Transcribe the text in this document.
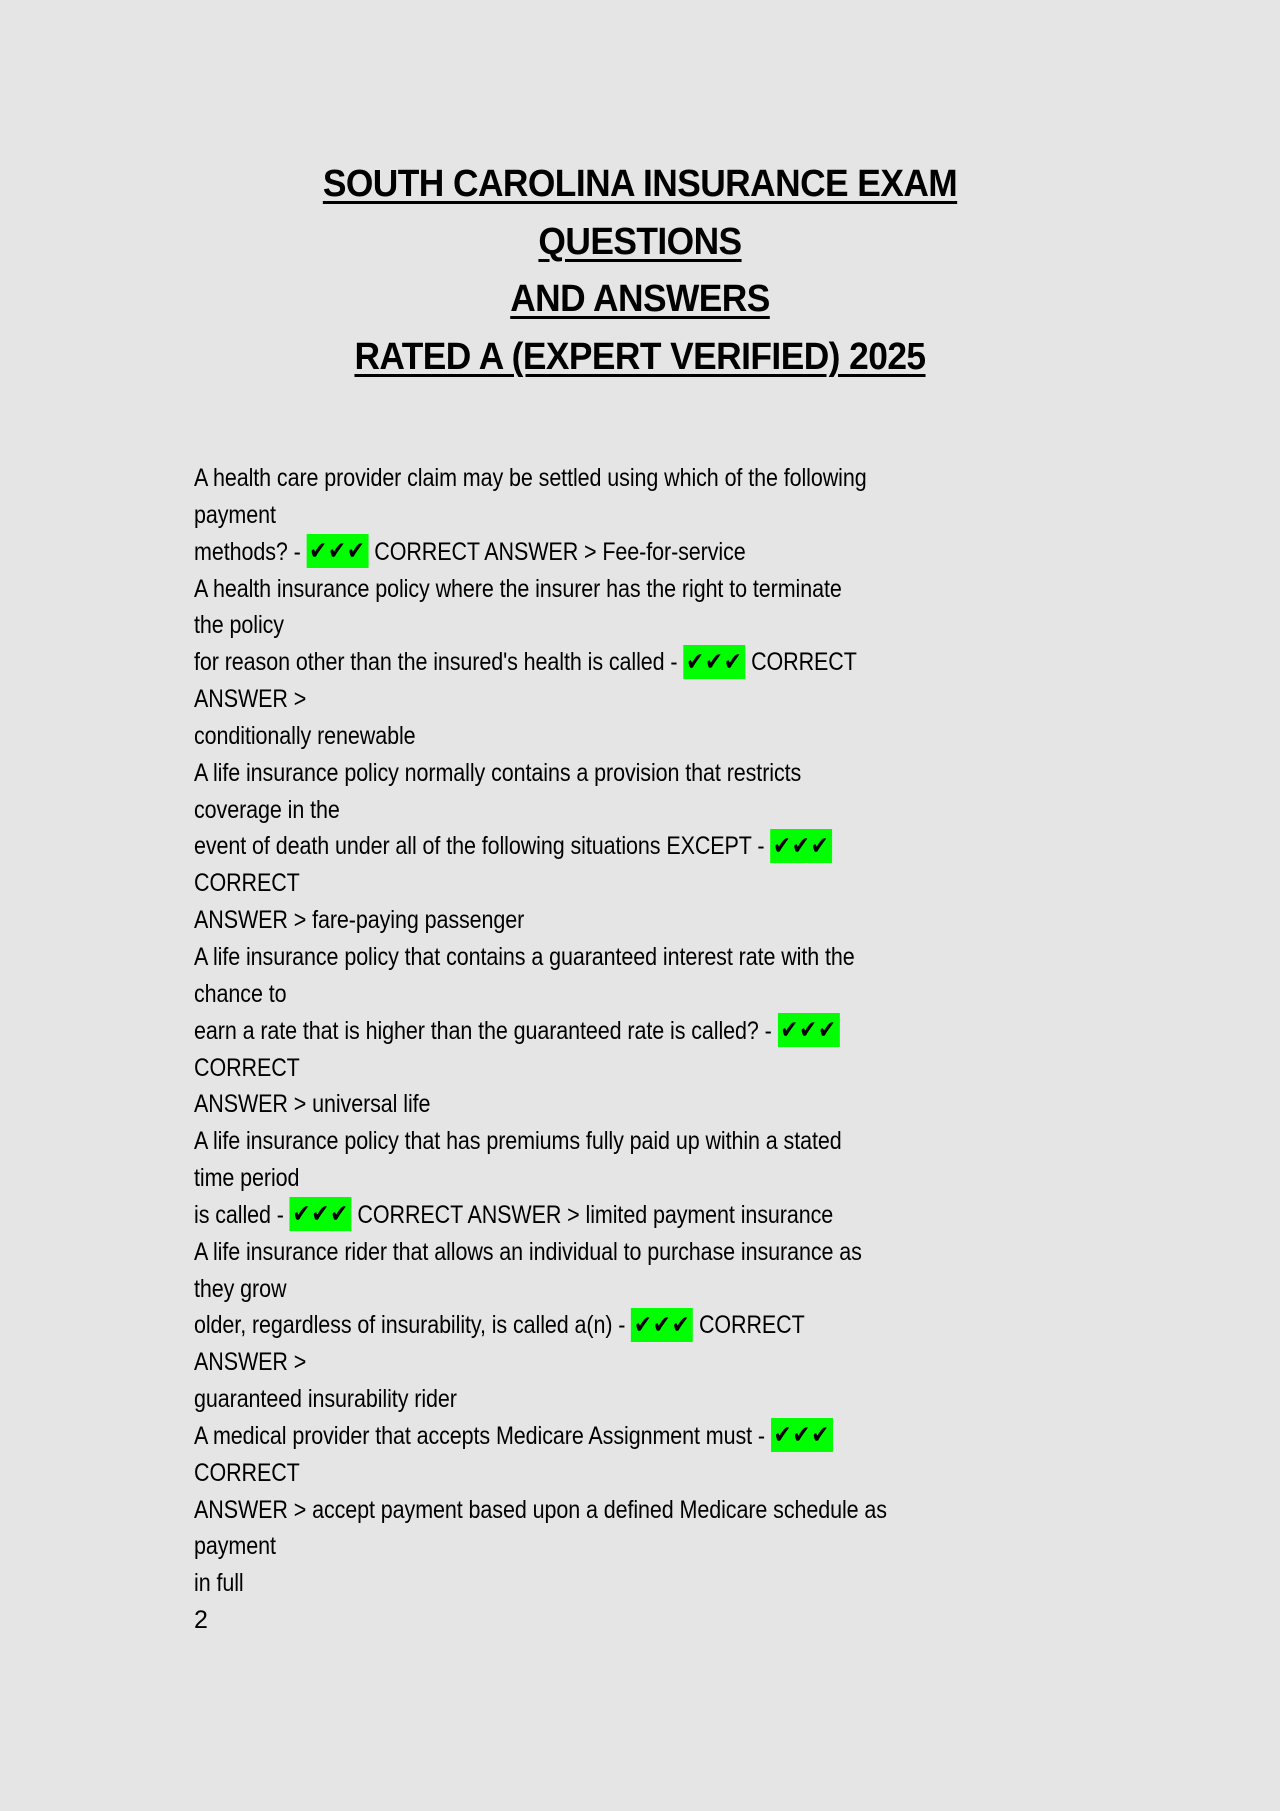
SOUTH CAROLINA INSURANCE EXAM
QUESTIONS
AND ANSWERS
RATED A (EXPERT VERIFIED) 2025
A health care provider claim may be settled using which of the following
payment
methods? - ✔✔✔ CORRECT ANSWER > Fee-for-service
A health insurance policy where the insurer has the right to terminate
the policy
for reason other than the insured's health is called - ✔✔✔ CORRECT
ANSWER >
conditionally renewable
A life insurance policy normally contains a provision that restricts
coverage in the
event of death under all of the following situations EXCEPT - ✔✔✔
CORRECT
ANSWER > fare-paying passenger
A life insurance policy that contains a guaranteed interest rate with the
chance to
earn a rate that is higher than the guaranteed rate is called? - ✔✔✔
CORRECT
ANSWER > universal life
A life insurance policy that has premiums fully paid up within a stated
time period
is called - ✔✔✔ CORRECT ANSWER > limited payment insurance
A life insurance rider that allows an individual to purchase insurance as
they grow
older, regardless of insurability, is called a(n) - ✔✔✔ CORRECT
ANSWER >
guaranteed insurability rider
A medical provider that accepts Medicare Assignment must - ✔✔✔
CORRECT
ANSWER > accept payment based upon a defined Medicare schedule as
payment
in full
2
